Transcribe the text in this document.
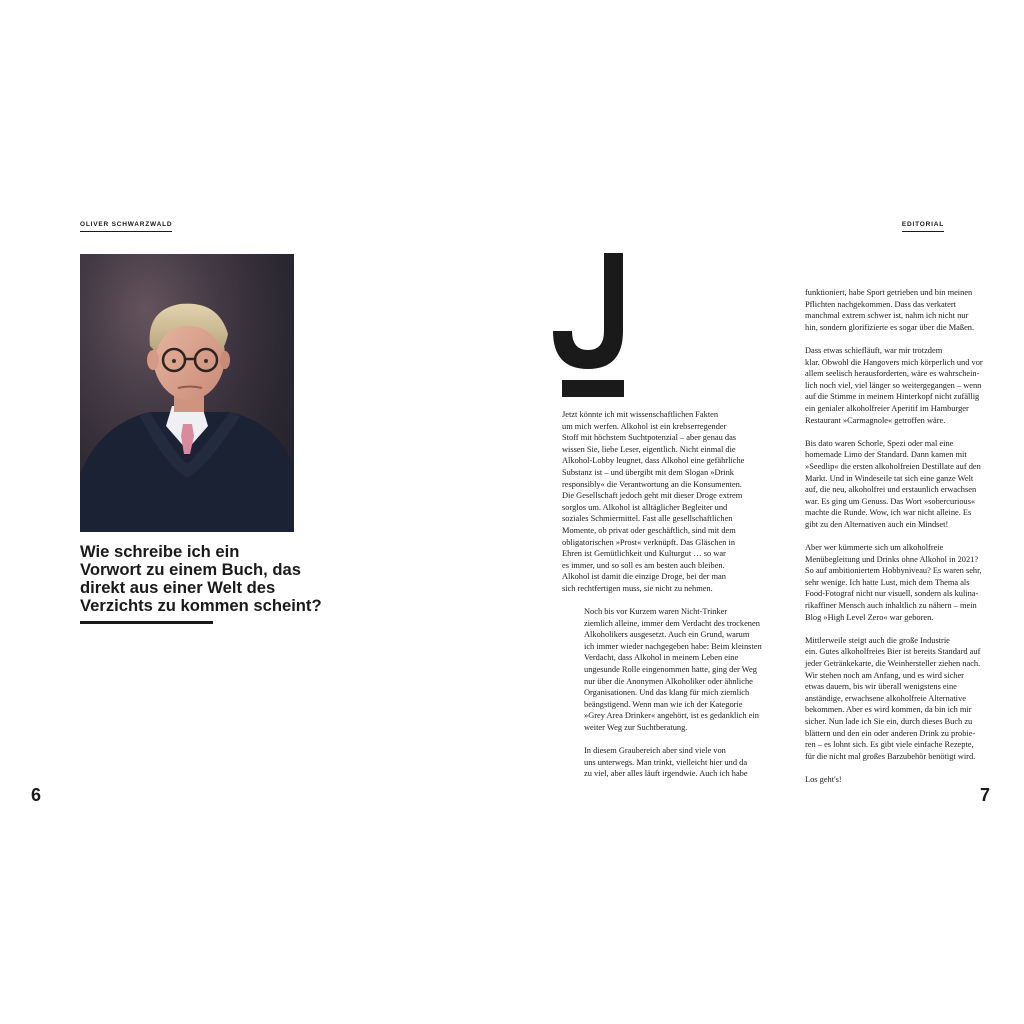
OLIVER SCHWARZWALD
Wie schreibe ich ein
Vorwort zu einem Buch, das
direkt aus einer Welt des
Verzichts zu kommen scheint?
6
EDITORIAL

Jetzt könnte ich mit wissenschaftlichen Fakten
um mich werfen. Alkohol ist ein krebserregender
Stoff mit höchstem Suchtpotenzial – aber genau das
wissen Sie, liebe Leser, eigentlich. Nicht einmal die
Alkohol-Lobby leugnet, dass Alkohol eine gefährliche
Substanz ist – und übergibt mit dem Slogan »Drink
responsibly« die Verantwortung an die Konsumenten.
Die Gesellschaft jedoch geht mit dieser Droge extrem
sorglos um. Alkohol ist alltäglicher Begleiter und
soziales Schmiermittel. Fast alle gesellschaftlichen
Momente, ob privat oder geschäftlich, sind mit dem
obligatorischen »Prost« verknüpft. Das Gläschen in
Ehren ist Gemütlichkeit und Kulturgut … so war
es immer, und so soll es am besten auch bleiben.
Alkohol ist damit die einzige Droge, bei der man
sich rechtfertigen muss, sie nicht zu nehmen.

Noch bis vor Kurzem waren Nicht-Trinker
ziemlich alleine, immer dem Verdacht des trockenen
Alkoholikers ausgesetzt. Auch ein Grund, warum
ich immer wieder nachgegeben habe: Beim kleinsten
Verdacht, dass Alkohol in meinem Leben eine
ungesunde Rolle eingenommen hatte, ging der Weg
nur über die Anonymen Alkoholiker oder ähnliche
Organisationen. Und das klang für mich ziemlich
beängstigend. Wenn man wie ich der Kategorie
»Grey Area Drinker« angehört, ist es gedanklich ein
weiter Weg zur Suchtberatung.

In diesem Graubereich aber sind viele von
uns unterwegs. Man trinkt, vielleicht hier und da
zu viel, aber alles läuft irgendwie. Auch ich habe

funktioniert, habe Sport getrieben und bin meinen
Pflichten nachgekommen. Dass das verkatert
manchmal extrem schwer ist, nahm ich nicht nur
hin, sondern glorifizierte es sogar über die Maßen.

Dass etwas schiefläuft, war mir trotzdem
klar. Obwohl die Hangovers mich körperlich und vor
allem seelisch herausforderten, wäre es wahrschein-
lich noch viel, viel länger so weitergegangen – wenn
auf die Stimme in meinem Hinterkopf nicht zufällig
ein genialer alkoholfreier Aperitif im Hamburger
Restaurant »Carmagnole« getroffen wäre.

Bis dato waren Schorle, Spezi oder mal eine
homemade Limo der Standard. Dann kamen mit
»Seedlip« die ersten alkoholfreien Destillate auf den
Markt. Und in Windeseile tat sich eine ganze Welt
auf, die neu, alkoholfrei und erstaunlich erwachsen
war. Es ging um Genuss. Das Wort »sobercurious«
machte die Runde. Wow, ich war nicht alleine. Es
gibt zu den Alternativen auch ein Mindset!

Aber wer kümmerte sich um alkoholfreie
Menübegleitung und Drinks ohne Alkohol in 2021?
So auf ambitioniertem Hobbyniveau? Es waren sehr,
sehr wenige. Ich hatte Lust, mich dem Thema als
Food-Fotograf nicht nur visuell, sondern als kulina-
rikaffiner Mensch auch inhaltlich zu nähern – mein
Blog »High Level Zero« war geboren.

Mittlerweile steigt auch die große Industrie
ein. Gutes alkoholfreies Bier ist bereits Standard auf
jeder Getränkekarte, die Weinhersteller ziehen nach.
Wir stehen noch am Anfang, und es wird sicher
etwas dauern, bis wir überall wenigstens eine
anständige, erwachsene alkoholfreie Alternative
bekommen. Aber es wird kommen, da bin ich mir
sicher. Nun lade ich Sie ein, durch dieses Buch zu
blättern und den ein oder anderen Drink zu probie-
ren – es lohnt sich. Es gibt viele einfache Rezepte,
für die nicht mal großes Barzubehör benötigt wird.

Los geht's!

7
